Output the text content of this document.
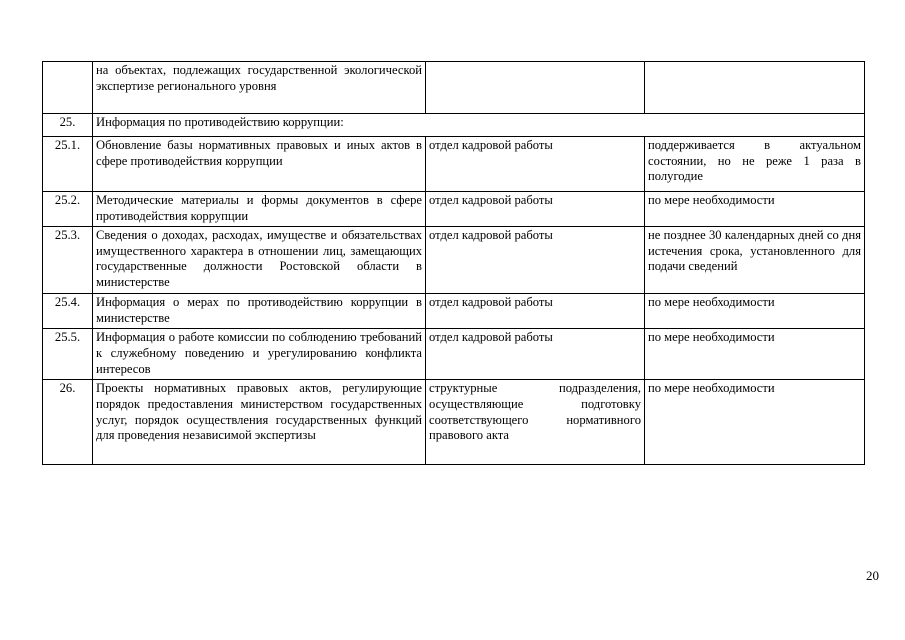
	на объектах, подлежащих государственной экологической экспертизе регионального уровня		
25.	Информация по противодействию коррупции:		
25.1.	Обновление базы нормативных правовых и иных актов в сфере противодействия коррупции	отдел кадровой работы	поддерживается в актуальном состоянии, но не реже 1 раза в полугодие
25.2.	Методические материалы и формы документов в сфере противодействия коррупции	отдел кадровой работы	по мере необходимости
25.3.	Сведения о доходах, расходах, имуществе и обязательствах имущественного характера в отношении лиц, замещающих государственные должности Ростовской области в министерстве	отдел кадровой работы	не позднее 30 календарных дней со дня истечения срока, установленного для подачи сведений
25.4.	Информация о мерах по противодействию коррупции в министерстве	отдел кадровой работы	по мере необходимости
25.5.	Информация о работе комиссии по соблюдению требований к служебному поведению и урегулированию конфликта интересов	отдел кадровой работы	по мере необходимости
26.	Проекты нормативных правовых актов, регулирующие порядок предоставления министерством государственных услуг, порядок осуществления государственных функций для проведения независимой экспертизы	структурные подразделения, осуществляющие подготовку соответствующего нормативного правового акта	по мере необходимости
20
